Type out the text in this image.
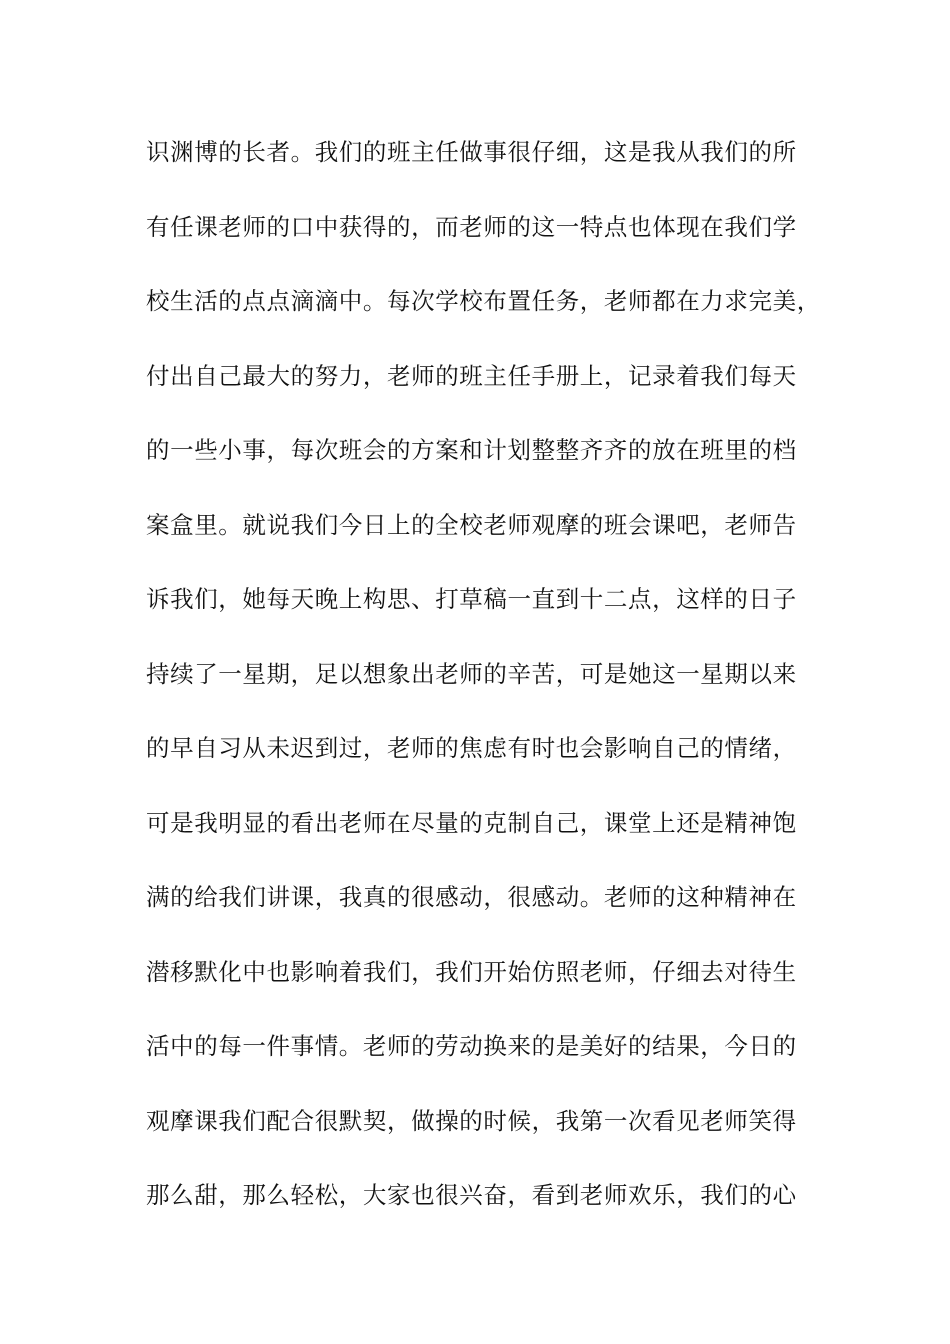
识渊博的长者。我们的班主任做事很仔细，这是我从我们的所
有任课老师的口中获得的，而老师的这一特点也体现在我们学
校生活的点点滴滴中。每次学校布置任务，老师都在力求完美，
付出自己最大的努力，老师的班主任手册上，记录着我们每天
的一些小事，每次班会的方案和计划整整齐齐的放在班里的档
案盒里。就说我们今日上的全校老师观摩的班会课吧，老师告
诉我们，她每天晚上构思、打草稿一直到十二点，这样的日子
持续了一星期，足以想象出老师的辛苦，可是她这一星期以来
的早自习从未迟到过，老师的焦虑有时也会影响自己的情绪，
可是我明显的看出老师在尽量的克制自己，课堂上还是精神饱
满的给我们讲课，我真的很感动，很感动。老师的这种精神在
潜移默化中也影响着我们，我们开始仿照老师，仔细去对待生
活中的每一件事情。老师的劳动换来的是美好的结果，今日的
观摩课我们配合很默契，做操的时候，我第一次看见老师笑得
那么甜，那么轻松，大家也很兴奋，看到老师欢乐，我们的心
